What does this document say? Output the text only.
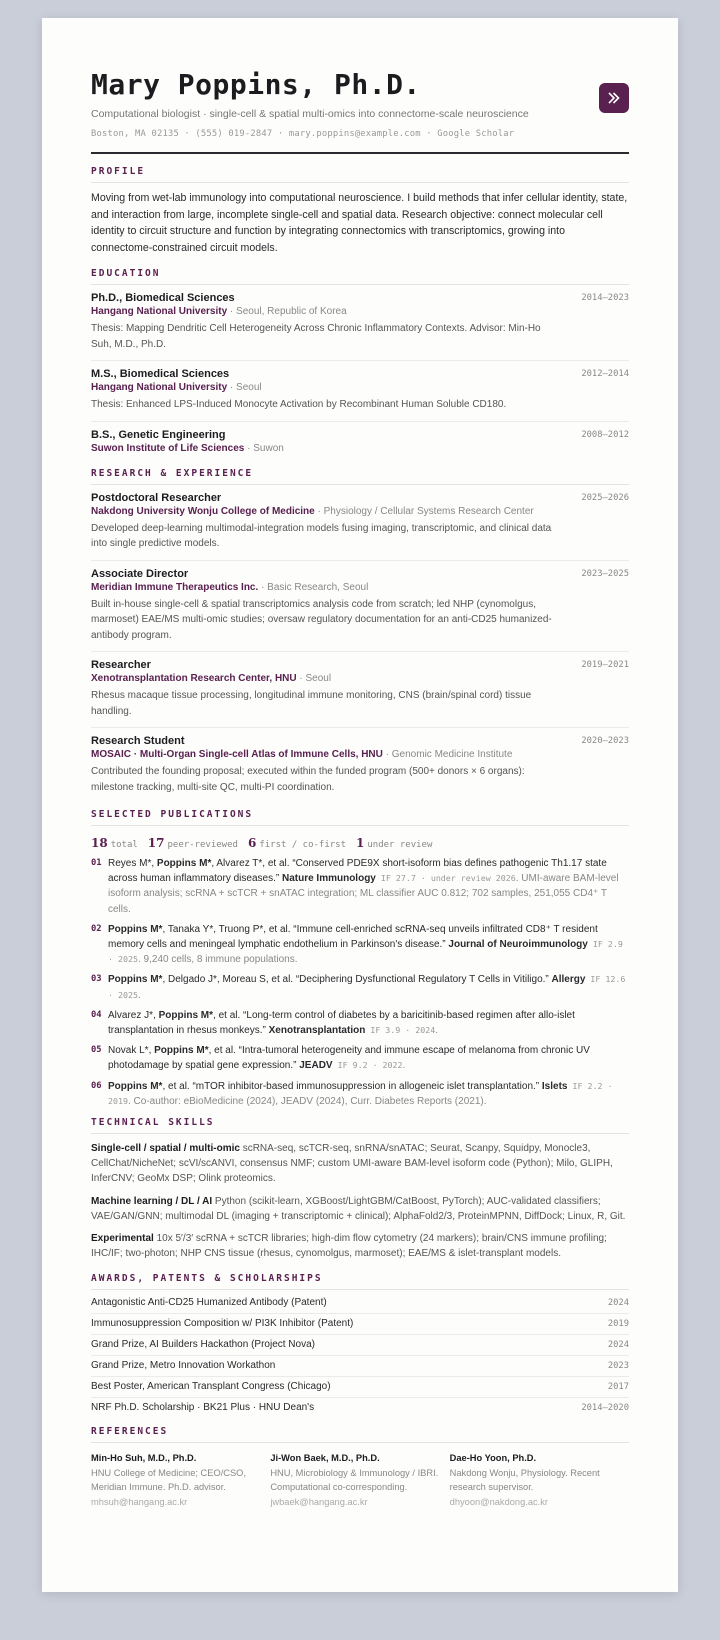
Mary Poppins, Ph.D.
Computational biologist · single-cell & spatial multi-omics into connectome-scale neuroscience
Boston, MA 02135 · (555) 019-2847 · mary.poppins@example.com · Google Scholar
PROFILE
Moving from wet-lab immunology into computational neuroscience. I build methods that infer cellular identity, state, and interaction from large, incomplete single-cell and spatial data. Research objective: connect molecular cell identity to circuit structure and function by integrating connectomics with transcriptomics, growing into connectome-constrained circuit models.
EDUCATION
Ph.D., Biomedical Sciences	2014–2023
Hangang National University · Seoul, Republic of Korea
Thesis: Mapping Dendritic Cell Heterogeneity Across Chronic Inflammatory Contexts. Advisor: Min-Ho Suh, M.D., Ph.D.
M.S., Biomedical Sciences	2012–2014
Hangang National University · Seoul
Thesis: Enhanced LPS-Induced Monocyte Activation by Recombinant Human Soluble CD180.
B.S., Genetic Engineering	2008–2012
Suwon Institute of Life Sciences · Suwon
RESEARCH & EXPERIENCE
Postdoctoral Researcher	2025–2026
Nakdong University Wonju College of Medicine · Physiology / Cellular Systems Research Center
Developed deep-learning multimodal-integration models fusing imaging, transcriptomic, and clinical data into single predictive models.
Associate Director	2023–2025
Meridian Immune Therapeutics Inc. · Basic Research, Seoul
Built in-house single-cell & spatial transcriptomics analysis code from scratch; led NHP (cynomolgus, marmoset) EAE/MS multi-omic studies; oversaw regulatory documentation for an anti-CD25 humanized-antibody program.
Researcher	2019–2021
Xenotransplantation Research Center, HNU · Seoul
Rhesus macaque tissue processing, longitudinal immune monitoring, CNS (brain/spinal cord) tissue handling.
Research Student	2020–2023
MOSAIC · Multi-Organ Single-cell Atlas of Immune Cells, HNU · Genomic Medicine Institute
Contributed the founding proposal; executed within the funded program (500+ donors × 6 organs): milestone tracking, multi-site QC, multi-PI coordination.
SELECTED PUBLICATIONS
18 total 17 peer-reviewed 6 first / co-first 1 under review
01 Reyes M*, Poppins M*, Alvarez T*, et al. “Conserved PDE9X short-isoform bias defines pathogenic Th1.17 state across human inflammatory diseases.” Nature Immunology IF 27.7 · under review 2026. UMI-aware BAM-level isoform analysis; scRNA + scTCR + snATAC integration; ML classifier AUC 0.812; 702 samples, 251,055 CD4⁺ T cells.
02 Poppins M*, Tanaka Y*, Truong P*, et al. “Immune cell-enriched scRNA-seq unveils infiltrated CD8⁺ T resident memory cells and meningeal lymphatic endothelium in Parkinson's disease.” Journal of Neuroimmunology IF 2.9 · 2025. 9,240 cells, 8 immune populations.
03 Poppins M*, Delgado J*, Moreau S, et al. “Deciphering Dysfunctional Regulatory T Cells in Vitiligo.” Allergy IF 12.6 · 2025.
04 Alvarez J*, Poppins M*, et al. “Long-term control of diabetes by a baricitinib-based regimen after allo-islet transplantation in rhesus monkeys.” Xenotransplantation IF 3.9 · 2024.
05 Novak L*, Poppins M*, et al. “Intra-tumoral heterogeneity and immune escape of melanoma from chronic UV photodamage by spatial gene expression.” JEADV IF 9.2 · 2022.
06 Poppins M*, et al. “mTOR inhibitor-based immunosuppression in allogeneic islet transplantation.” Islets IF 2.2 · 2019. Co-author: eBioMedicine (2024), JEADV (2024), Curr. Diabetes Reports (2021).
TECHNICAL SKILLS
Single-cell / spatial / multi-omic scRNA-seq, scTCR-seq, snRNA/snATAC; Seurat, Scanpy, Squidpy, Monocle3, CellChat/NicheNet; scVI/scANVI, consensus NMF; custom UMI-aware BAM-level isoform code (Python); Milo, GLIPH, InferCNV; GeoMx DSP; Olink proteomics.
Machine learning / DL / AI Python (scikit-learn, XGBoost/LightGBM/CatBoost, PyTorch); AUC-validated classifiers; VAE/GAN/GNN; multimodal DL (imaging + transcriptomic + clinical); AlphaFold2/3, ProteinMPNN, DiffDock; Linux, R, Git.
Experimental 10x 5′/3′ scRNA + scTCR libraries; high-dim flow cytometry (24 markers); brain/CNS immune profiling; IHC/IF; two-photon; NHP CNS tissue (rhesus, cynomolgus, marmoset); EAE/MS & islet-transplant models.
AWARDS, PATENTS & SCHOLARSHIPS
Antagonistic Anti-CD25 Humanized Antibody (Patent)	2024
Immunosuppression Composition w/ PI3K Inhibitor (Patent)	2019
Grand Prize, AI Builders Hackathon (Project Nova)	2024
Grand Prize, Metro Innovation Workathon	2023
Best Poster, American Transplant Congress (Chicago)	2017
NRF Ph.D. Scholarship · BK21 Plus · HNU Dean's	2014–2020
REFERENCES
Min-Ho Suh, M.D., Ph.D.
HNU College of Medicine; CEO/CSO, Meridian Immune. Ph.D. advisor.
mhsuh@hangang.ac.kr
Ji-Won Baek, M.D., Ph.D.
HNU, Microbiology & Immunology / IBRI. Computational co-corresponding.
jwbaek@hangang.ac.kr
Dae-Ho Yoon, Ph.D.
Nakdong Wonju, Physiology. Recent research supervisor.
dhyoon@nakdong.ac.kr
